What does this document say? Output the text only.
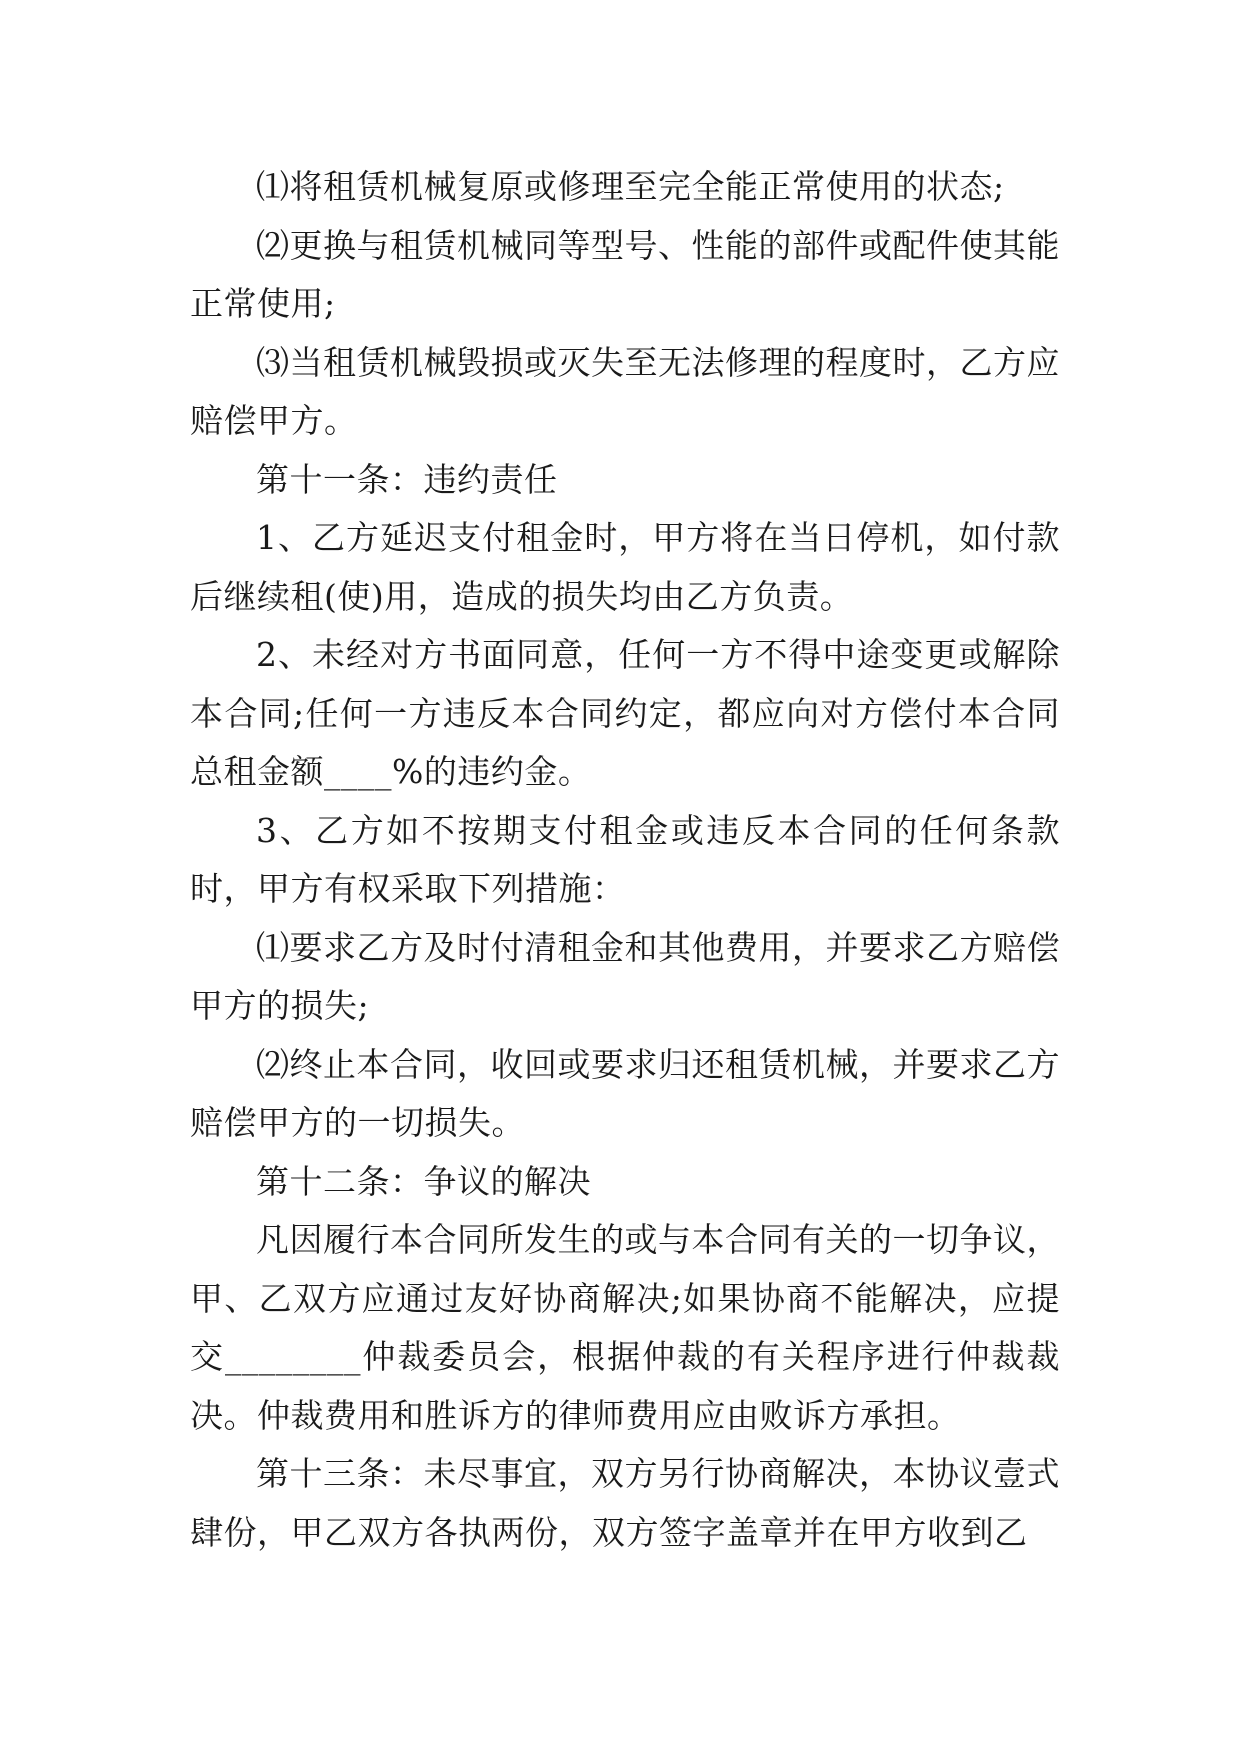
⑴将租赁机械复原或修理至完全能正常使用的状态;

⑵更换与租赁机械同等型号、性能的部件或配件使其能正常使用;

⑶当租赁机械毁损或灭失至无法修理的程度时，乙方应赔偿甲方。

第十一条：违约责任

1、乙方延迟支付租金时，甲方将在当日停机，如付款后继续租(使)用，造成的损失均由乙方负责。

2、未经对方书面同意，任何一方不得中途变更或解除本合同;任何一方违反本合同约定，都应向对方偿付本合同总租金额____%的违约金。

3、乙方如不按期支付租金或违反本合同的任何条款时，甲方有权采取下列措施：

⑴要求乙方及时付清租金和其他费用，并要求乙方赔偿甲方的损失;

⑵终止本合同，收回或要求归还租赁机械，并要求乙方赔偿甲方的一切损失。

第十二条：争议的解决

凡因履行本合同所发生的或与本合同有关的一切争议，甲、乙双方应通过友好协商解决;如果协商不能解决，应提交________仲裁委员会，根据仲裁的有关程序进行仲裁裁决。仲裁费用和胜诉方的律师费用应由败诉方承担。

第十三条：未尽事宜，双方另行协商解决，本协议壹式肆份，甲乙双方各执两份，双方签字盖章并在甲方收到乙
